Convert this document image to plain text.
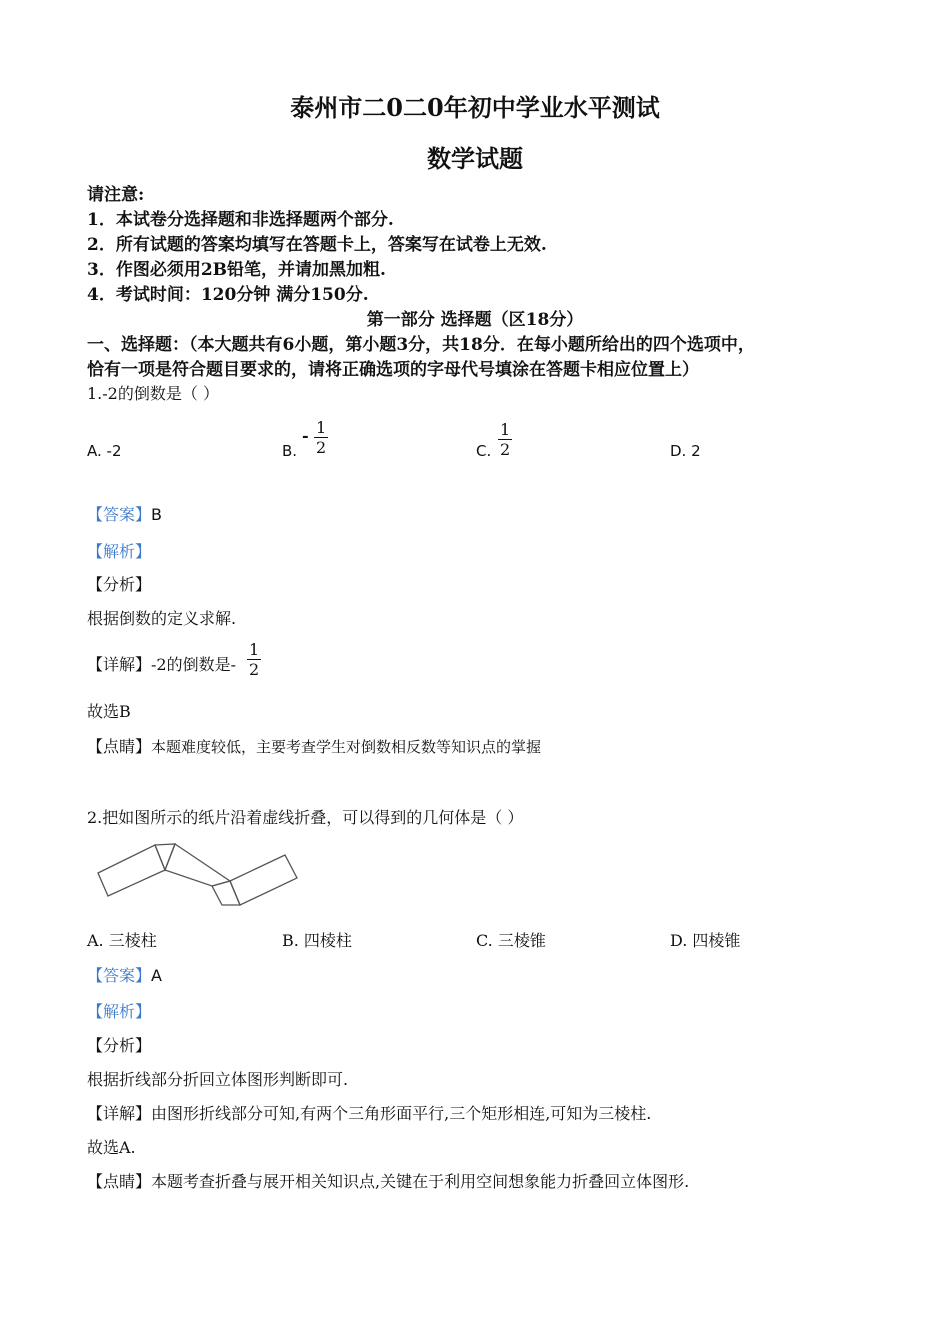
泰州市二0二0年初中学业水平测试
数学试题
请注意:
1．本试卷分选择题和非选择题两个部分.
2．所有试题的答案均填写在答题卡上，答案写在试卷上无效.
3．作图必须用2B铅笔，并请加黑加粗.
4．考试时间：120分钟 满分150分.
第一部分 选择题（区18分）
一、选择题：（本大题共有6小题，第小题3分，共18分．在每小题所给出的四个选项中，
恰有一项是符合题目要求的，请将正确选项的字母代号填涂在答题卡相应位置上）
1.-2的倒数是（ ）
A. -2	B.
- $\frac{1}{2}$	C. $\frac{1}{2}$	D. 2
【答案】B
【解析】
【分析】
根据倒数的定义求解.
【详解】-2的倒数是- $\frac{1}{2}$
故选B
【点睛】本题难度较低，主要考查学生对倒数相反数等知识点的掌握
2.把如图所示的纸片沿着虚线折叠，可以得到的几何体是（ ）
A. 三棱柱	B. 四棱柱	C. 三棱锥	D. 四棱锥
【答案】A
【解析】
【分析】
根据折线部分折回立体图形判断即可.
【详解】由图形折线部分可知,有两个三角形面平行,三个矩形相连,可知为三棱柱.
故选A.
【点睛】本题考查折叠与展开相关知识点,关键在于利用空间想象能力折叠回立体图形.
